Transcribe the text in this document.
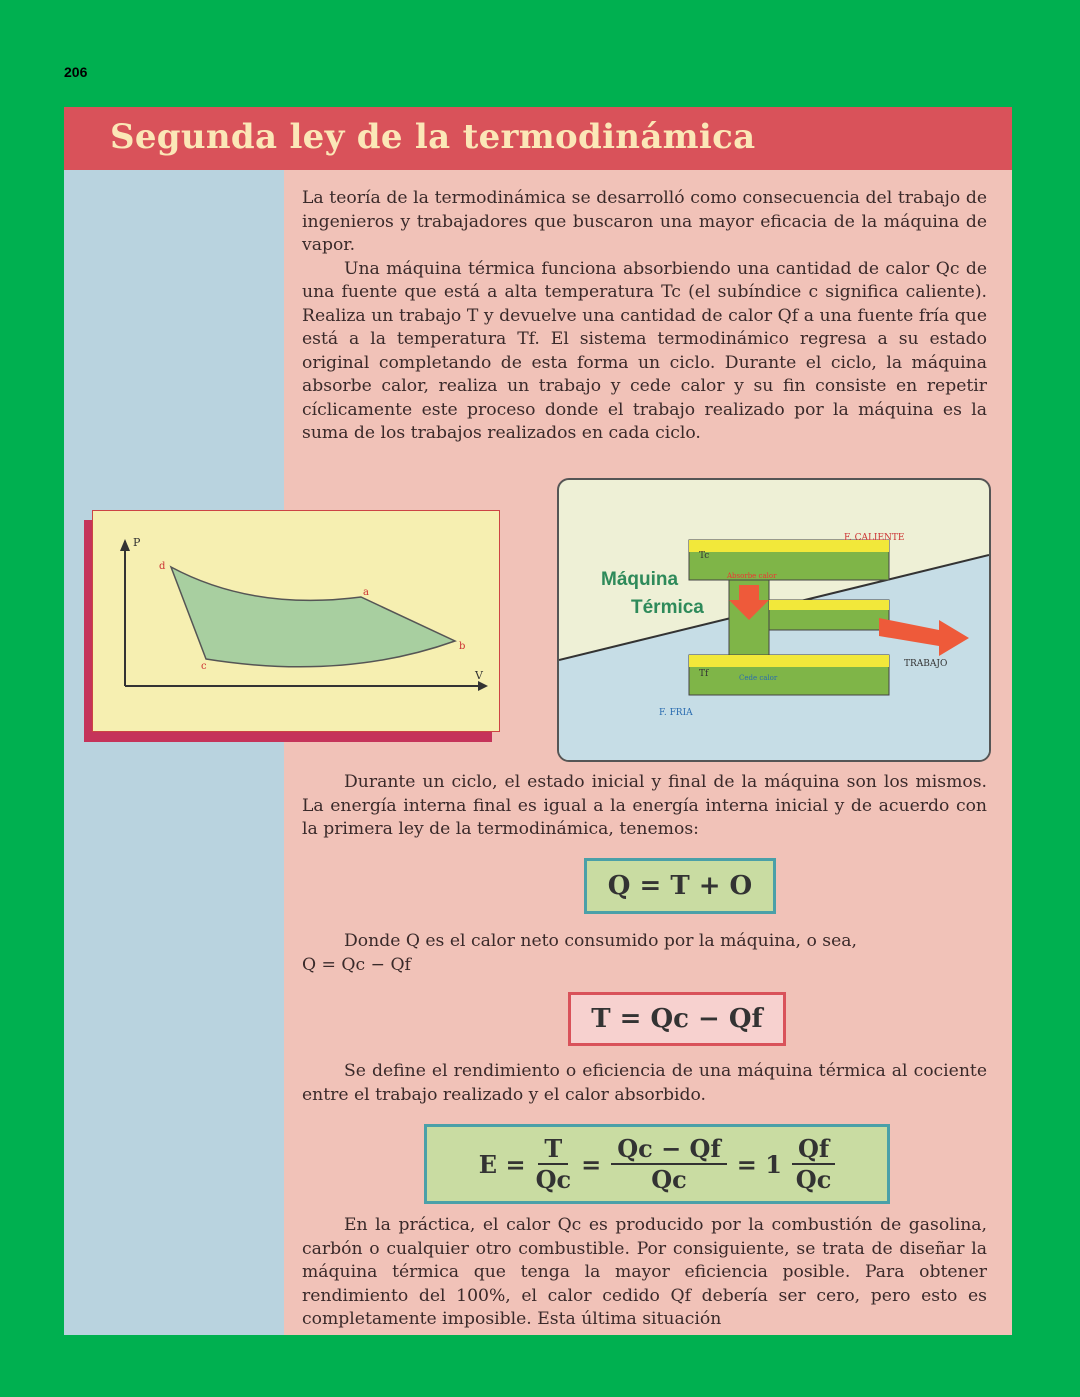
206
Segunda ley de la termodinámica

La teoría de la termodinámica se desarrolló como consecuencia del trabajo de ingenieros y trabajadores que buscaron una mayor eficacia de la máquina de vapor.

Una máquina térmica funciona absorbiendo una cantidad de calor Qc de una fuente que está a alta temperatura Tc (el subíndice c significa caliente). Realiza un trabajo T y devuelve una cantidad de calor Qf a una fuente fría que está a la temperatura Tf. El sistema termodinámico regresa a su estado original completando de esta forma un ciclo. Durante el ciclo, la máquina absorbe calor, realiza un trabajo y cede calor y su fin consiste en repetir cíclicamente este proceso donde el trabajo realizado por la máquina es la suma de los trabajos realizados en cada ciclo.

P
V
d
a
b
c
Máquina
Térmica
F. CALIENTE
F. FRIA
TRABAJO
Tc
Tf
Absorbe calor
Cede calor

Durante un ciclo, el estado inicial y final de la máquina son los mismos. La energía interna final es igual a la energía interna inicial y de acuerdo con la primera ley de la termodinámica, tenemos:

Q = T + O

Donde Q es el calor neto consumido por la máquina, o sea,

Q = Qc − Qf

T = Qc − Qf

Se define el rendimiento o eficiencia de una máquina térmica al cociente entre el trabajo realizado y el calor absorbido.

$E = \frac{T}{Qc} = \frac{Qc - Qf}{Qc} = 1 \frac{Qf}{Qc}$

En la práctica, el calor Qc es producido por la combustión de gasolina, carbón o cualquier otro combustible. Por consiguiente, se trata de diseñar la máquina térmica que tenga la mayor eficiencia posible. Para obtener rendimiento del 100%, el calor cedido Qf debería ser cero, pero esto es completamente imposible. Esta última situación
